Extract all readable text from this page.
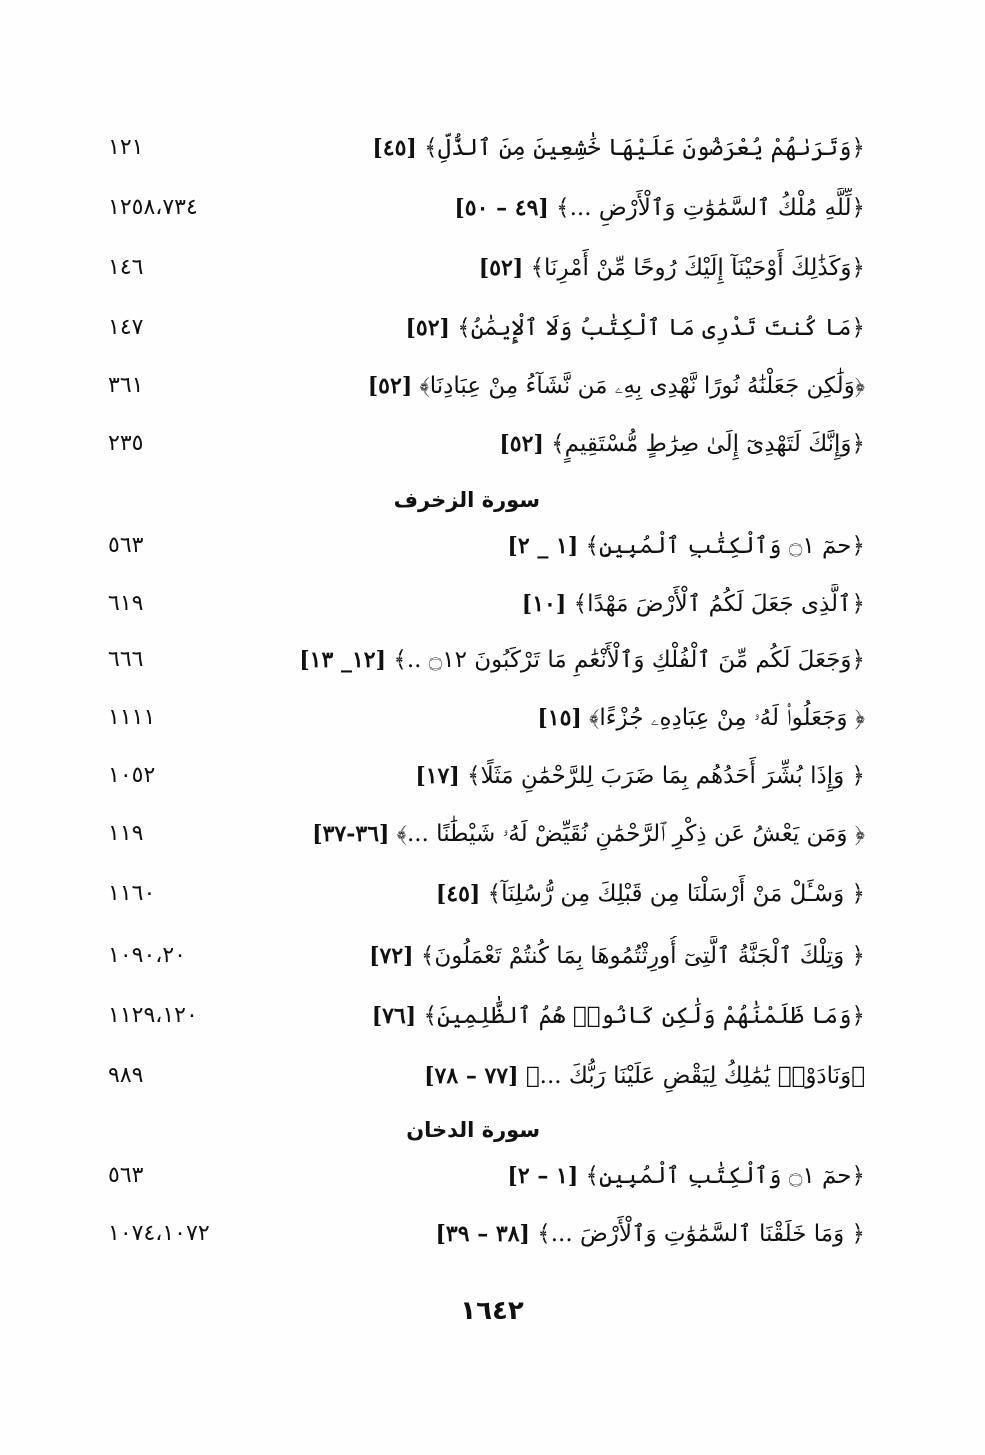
﴿وَتَرَىٰهُمْ يُعْرَضُونَ عَلَيْهَا خَٰشِعِينَ مِنَ ٱلذُّلِّ﴾ [٤٥]
١٢١
﴿لِّلَّهِ مُلْكُ ٱلسَّمَٰوَٰتِ وَٱلْأَرْضِ ...﴾ [٤٩ – ٥٠]
١٢٥٨،٧٣٤
﴿وَكَذَٰلِكَ أَوْحَيْنَآ إِلَيْكَ رُوحًا مِّنْ أَمْرِنَا﴾ [٥٢]
١٤٦
﴿مَا كُنتَ تَدْرِى مَا ٱلْكِتَٰبُ وَلَا ٱلْإِيمَٰنُ﴾ [٥٢]
١٤٧
﴿وَلَٰكِن جَعَلْنَٰهُ نُورًا نَّهْدِى بِهِۦ مَن نَّشَآءُ مِنْ عِبَادِنَا﴾ [٥٢]
٣٦١
﴿وَإِنَّكَ لَتَهْدِىٓ إِلَىٰ صِرَٰطٍ مُّسْتَقِيمٍ﴾ [٥٢]
٢٣٥
سورة الزخرف
﴿حمٓ ۝١ وَٱلْكِتَٰبِ ٱلْمُبِينِ﴾ [١ _ ٢]
٥٦٣
﴿ٱلَّذِى جَعَلَ لَكُمُ ٱلْأَرْضَ مَهْدًا﴾ [١٠]
٦١٩
﴿وَجَعَلَ لَكُم مِّنَ ٱلْفُلْكِ وَٱلْأَنْعَٰمِ مَا تَرْكَبُونَ ۝١٢ ..﴾ [١٢_ ١٣]
٦٦٦
﴿ وَجَعَلُوا۟ لَهُۥ مِنْ عِبَادِهِۦ جُزْءًا﴾ [١٥]
١١١١
﴿ وَإِذَا بُشِّرَ أَحَدُهُم بِمَا ضَرَبَ لِلرَّحْمَٰنِ مَثَلًا﴾ [١٧]
١٠٥٢
﴿ وَمَن يَعْشُ عَن ذِكْرِ ٱلرَّحْمَٰنِ نُقَيِّضْ لَهُۥ شَيْطَٰنًا ...﴾ [٣٦-٣٧]
١١٩
﴿ وَسْـَٔلْ مَنْ أَرْسَلْنَا مِن قَبْلِكَ مِن رُّسُلِنَآ﴾ [٤٥]
١١٦٠
﴿ وَتِلْكَ ٱلْجَنَّةُ ٱلَّتِىٓ أُورِثْتُمُوهَا بِمَا كُنتُمْ تَعْمَلُونَ﴾ [٧٢]
١٠٩٠،٢٠
﴿وَمَا ظَلَمْنَٰهُمْ وَلَٰكِن كَانُوا۟ هُمُ ٱلظَّٰلِمِينَ﴾ [٧٦]
١١٢٩،١٢٠
﴿وَنَادَوْا۟ يَٰمَٰلِكُ لِيَقْضِ عَلَيْنَا رَبُّكَ ...﴾ [٧٧ – ٧٨]
٩٨٩
سورة الدخان
﴿حمٓ ۝١ وَٱلْكِتَٰبِ ٱلْمُبِينِ﴾ [١ – ٢]
٥٦٣
﴿ وَمَا خَلَقْنَا ٱلسَّمَٰوَٰتِ وَٱلْأَرْضَ ...﴾ [٣٨ – ٣٩]
١٠٧٤،١٠٧٢
١٦٤٢
